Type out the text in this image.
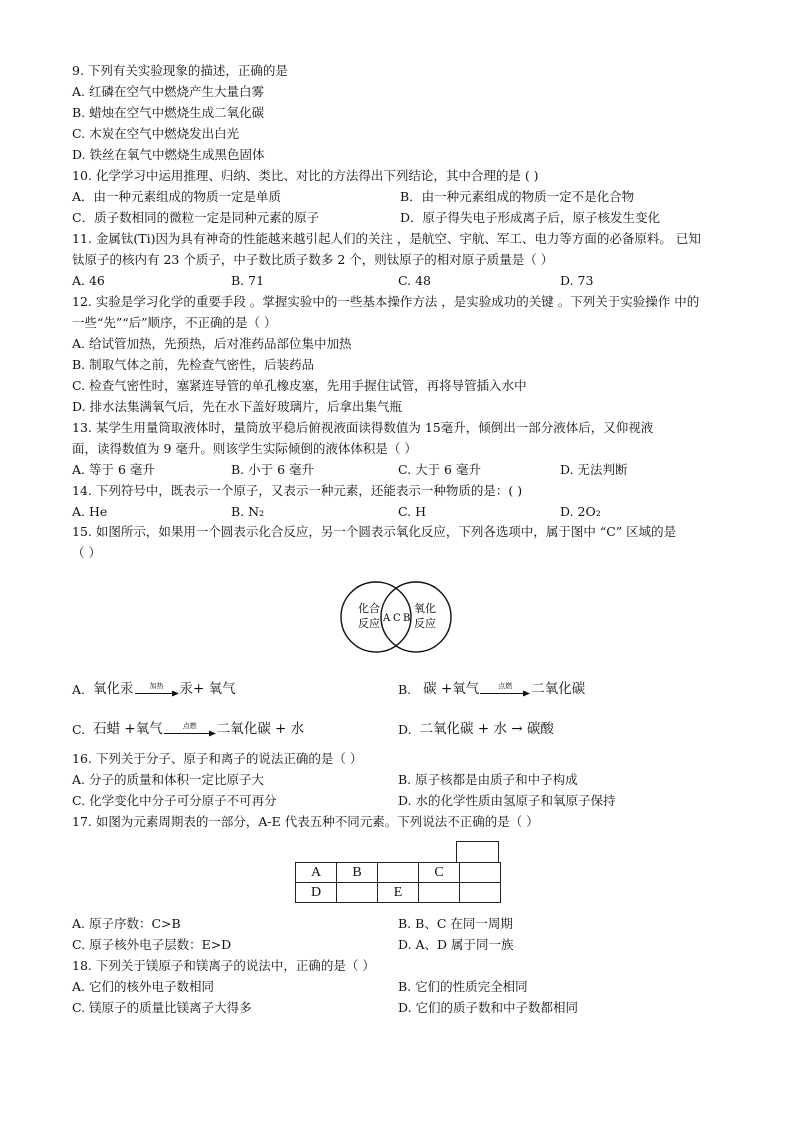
9. 下列有关实验现象的描述，正确的是
A. 红磷在空气中燃烧产生大量白雾
B. 蜡烛在空气中燃烧生成二氧化碳
C. 木炭在空气中燃烧发出白光
D. 铁丝在氧气中燃烧生成黑色固体
10. 化学学习中运用推理、归纳、类比、对比的方法得出下列结论，其中合理的是 ( )
A．由一种元素组成的物质一定是单质	B．由一种元素组成的物质一定不是化合物
C．质子数相同的微粒一定是同种元素的原子	D．原子得失电子形成离子后，原子核发生变化
11. 金属钛(Ti)因为具有神奇的性能越来越引起人们的关注 ，是航空、宇航、军工、电力等方面的必备原料。 已知
钛原子的核内有 23 个质子，中子数比质子数多 2 个，则钛原子的相对原子质量是（ ）
A. 46	B. 71	C. 48	D. 73
12. 实验是学习化学的重要手段 。掌握实验中的一些基本操作方法 ，是实验成功的关键 。下列关于实验操作 中的
一些“先”“后”顺序，不正确的是（ ）
A. 给试管加热，先预热，后对准药品部位集中加热
B. 制取气体之前，先检查气密性，后装药品
C. 检查气密性时，塞紧连导管的单孔橡皮塞，先用手握住试管，再将导管插入水中
D. 排水法集满氧气后，先在水下盖好玻璃片，后拿出集气瓶
13. 某学生用量筒取液体时，量筒放平稳后俯视液面读得数值为 15毫升，倾倒出一部分液体后，又仰视液
面，读得数值为 9 毫升。则该学生实际倾倒的液体体积是（ ）
A. 等于 6 毫升	B. 小于 6 毫升	C. 大于 6 毫升	D. 无法判断
14. 下列符号中，既表示一个原子，又表示一种元素，还能表示一种物质的是：( )
A. He	B. N₂	C. H	D. 2O₂
15. 如图所示，如果用一个圆表示化合反应，另一个圆表示氧化反应，下列各选项中，属于图中 “C” 区域的是
（ ）
16. 下列关于分子、原子和离子的说法正确的是（ ）
A. 分子的质量和体积一定比原子大	B. 原子核都是由质子和中子构成
C. 化学变化中分子可分原子不可再分	D. 水的化学性质由氢原子和氧原子保持
17. 如图为元素周期表的一部分，A-E 代表五种不同元素。下列说法不正确的是（ ）
A. 原子序数：C>B	B. B、C 在同一周期
C. 原子核外电子层数：E>D	D. A、D 属于同一族
18. 下列关于镁原子和镁离子的说法中，正确的是（ ）
A. 它们的核外电子数相同	B. 它们的性质完全相同
C. 镁原子的质量比镁离子大得多	D. 它们的质子数和中子数都相同
化合
反应 A C B
氧化
反应
A. 氧化汞 加热 汞+ 氧气	B. 碳 +氧气	点燃 二氧化碳
C. 石蜡 +氧气	点燃 二氧化碳 + 水	D. 二氧化碳 + 水 → 碳酸
A	B		C	
D		E		
